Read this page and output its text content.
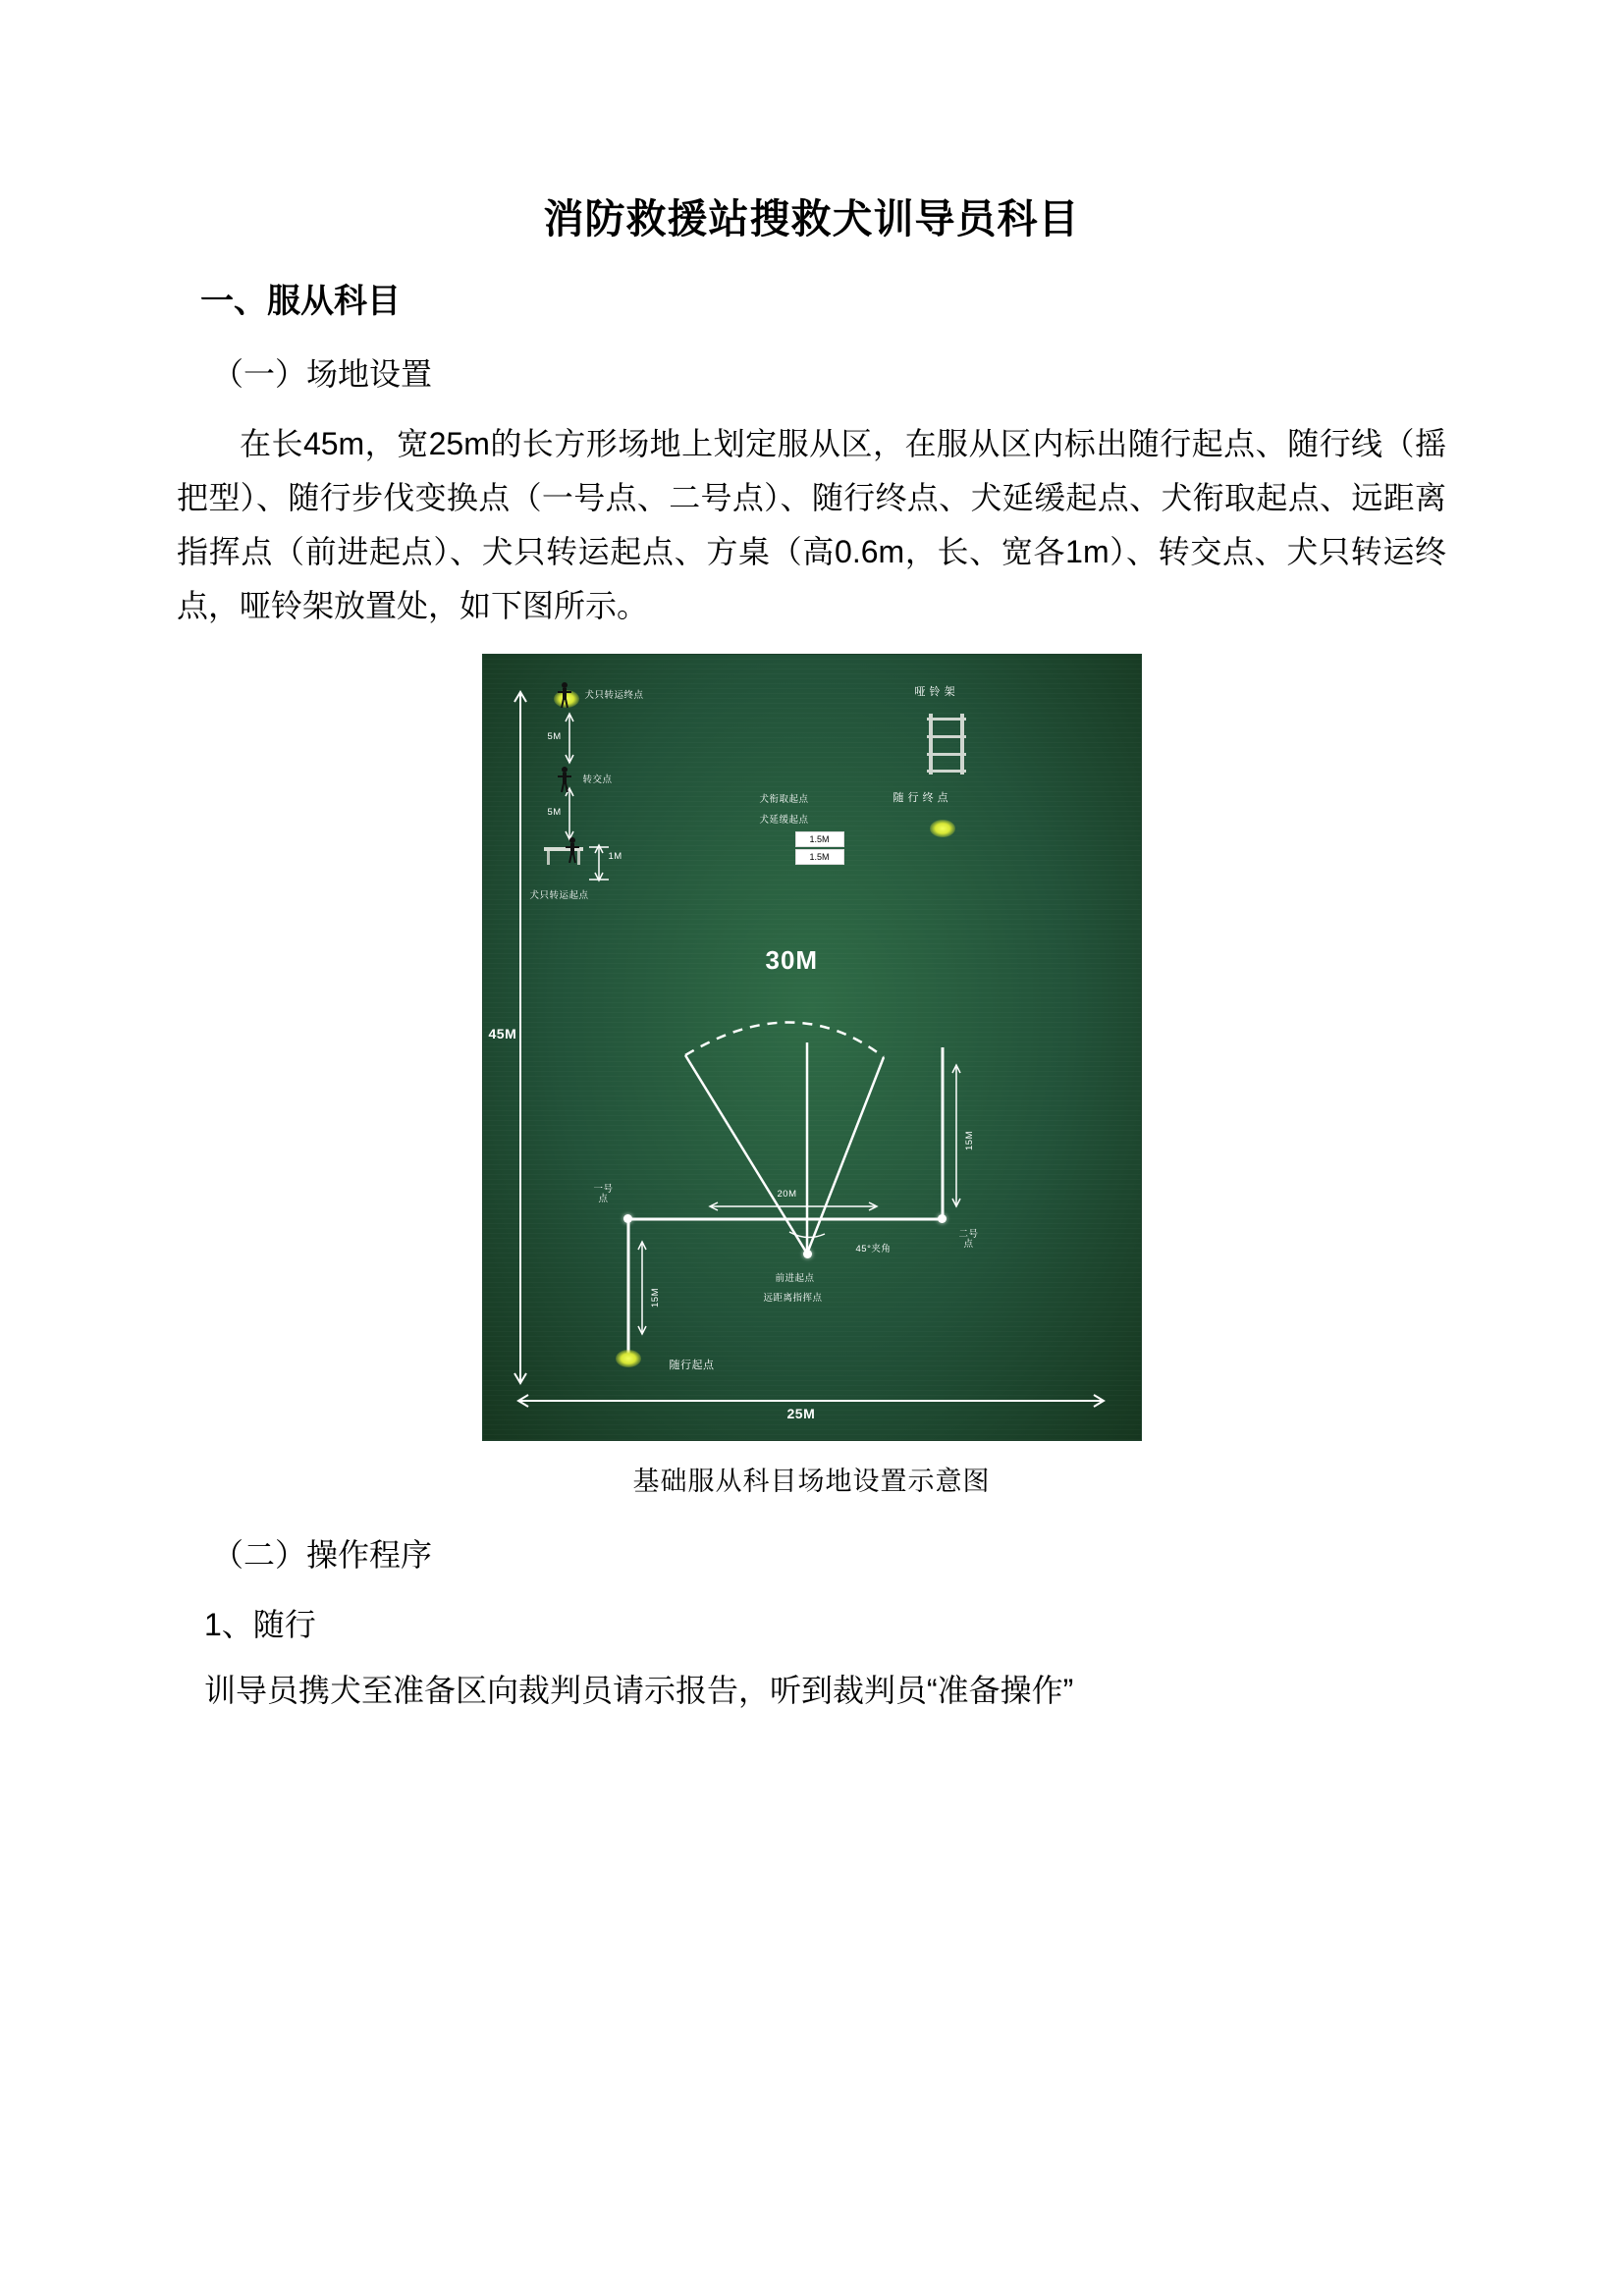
消防救援站搜救犬训导员科目
一、服从科目
（一）场地设置

在长45m，宽25m的长方形场地上划定服从区，在服从区内标出随行起点、随行线（摇把型）、随行步伐变换点（一号点、二号点）、随行终点、犬延缓起点、犬衔取起点、远距离指挥点（前进起点）、犬只转运起点、方桌（高0.6m，长、宽各1m）、转交点、犬只转运终点，哑铃架放置处，如下图所示。

犬只转运终点
5M
转交点
5M
1M
犬只转运起点
哑 铃 架
犬衔取起点
犬延缓起点
1.5M
1.5M
随 行 终 点
15M
15M
30M
一号点
二号点
20M
45°夹角
前进起点
远距离指挥点
随行起点
45M
25M
基础服从科目场地设置示意图
（二）操作程序
1、随行
训导员携犬至准备区向裁判员请示报告，听到裁判员“准备操作”
